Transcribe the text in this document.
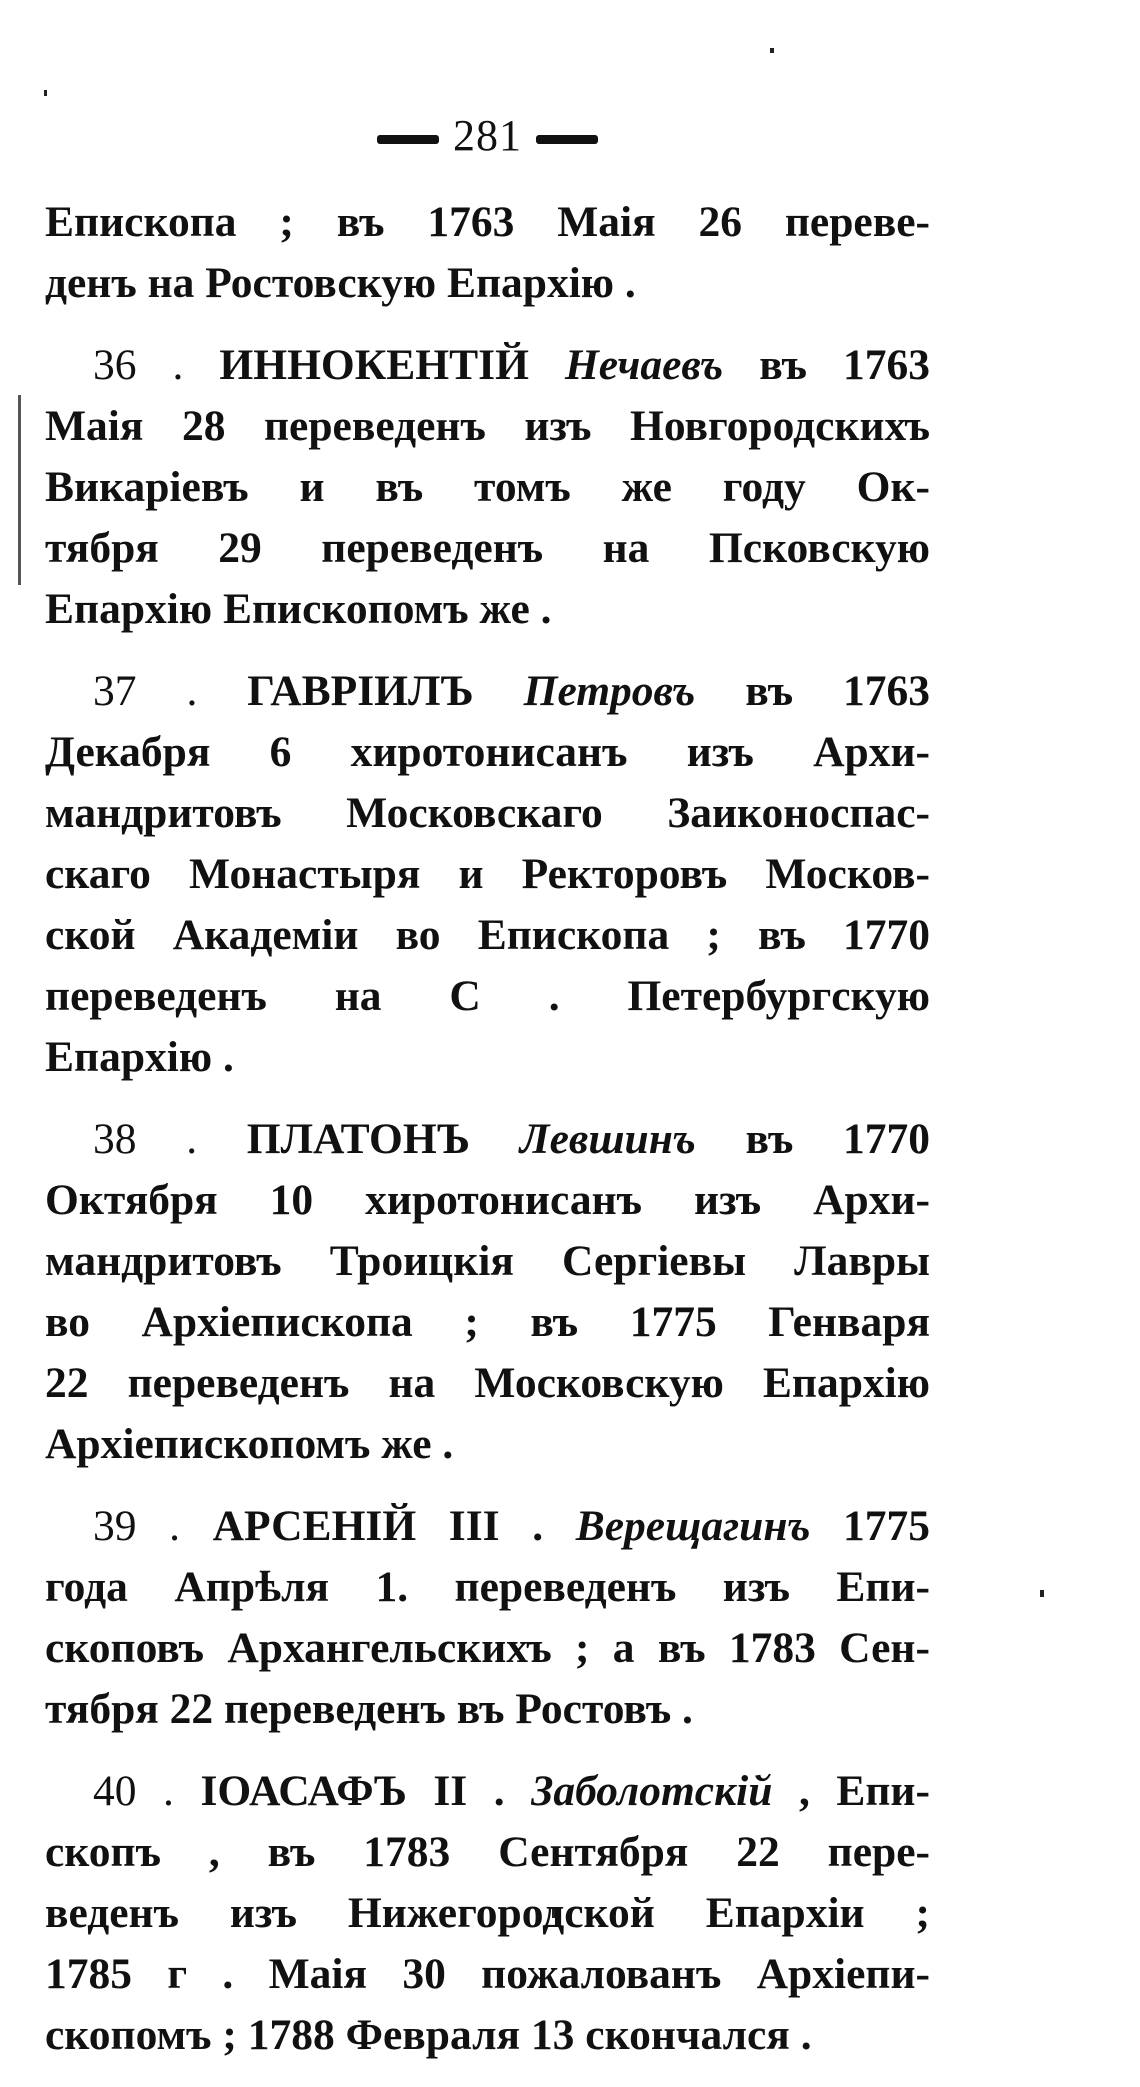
281
Епископа ; въ 1763 Маія 26 переве-
денъ на Ростовскую Епархію .
36 . ИННОКЕНТІЙ Нечаевъ въ 1763
Маія 28 переведенъ изъ Новгородскихъ
Викаріевъ и въ томъ же году Ок-
тября 29 переведенъ на Псковскую
Епархію Епископомъ же .
37 . ГАВРІИЛЪ Петровъ въ 1763
Декабря 6 хиротонисанъ изъ Архи-
мандритовъ Московскаго Заиконоспас-
скаго Монастыря и Ректоровъ Москов-
ской Академіи во Епископа ; въ 1770
переведенъ на С . Петербургскую
Епархію .
38 . ПЛАТОНЪ Левшинъ въ 1770
Октября 10 хиротонисанъ изъ Архи-
мандритовъ Троицкія Сергіевы Лавры
во Архіепископа ; въ 1775 Генваря
22 переведенъ на Московскую Епархію
Архіепископомъ же .
39 . АРСЕНІЙ III . Верещагинъ 1775
года Апрѣля 1. переведенъ изъ Епи-
скоповъ Архангельскихъ ; а въ 1783 Сен-
тября 22 переведенъ въ Ростовъ .
40 . ІОАСАФЪ II . Заболотскій , Епи-
скопъ , въ 1783 Сентября 22 пере-
веденъ изъ Нижегородской Епархіи ;
1785 г . Маія 30 пожалованъ Архіепи-
скопомъ ; 1788 Февраля 13 скончался .
